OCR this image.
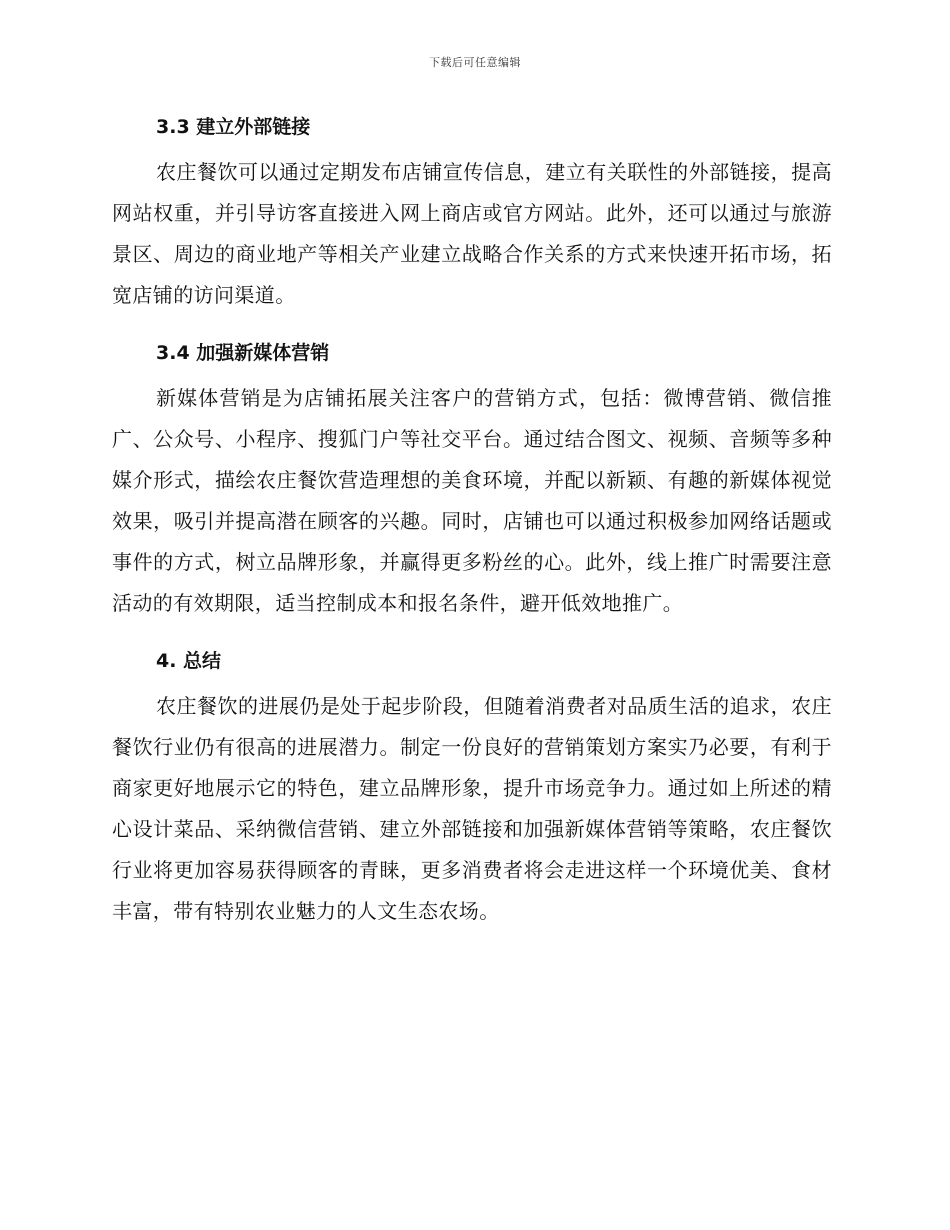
下载后可任意编辑
3.3 建立外部链接

农庄餐饮可以通过定期发布店铺宣传信息，建立有关联性的外部链接，提高网站权重，并引导访客直接进入网上商店或官方网站。此外，还可以通过与旅游景区、周边的商业地产等相关产业建立战略合作关系的方式来快速开拓市场，拓宽店铺的访问渠道。

3.4 加强新媒体营销

新媒体营销是为店铺拓展关注客户的营销方式，包括：微博营销、微信推广、公众号、小程序、搜狐门户等社交平台。通过结合图文、视频、音频等多种媒介形式，描绘农庄餐饮营造理想的美食环境，并配以新颖、有趣的新媒体视觉效果，吸引并提高潜在顾客的兴趣。同时，店铺也可以通过积极参加网络话题或事件的方式，树立品牌形象，并赢得更多粉丝的心。此外，线上推广时需要注意活动的有效期限，适当控制成本和报名条件，避开低效地推广。

4. 总结

农庄餐饮的进展仍是处于起步阶段，但随着消费者对品质生活的追求，农庄餐饮行业仍有很高的进展潜力。制定一份良好的营销策划方案实乃必要，有利于商家更好地展示它的特色，建立品牌形象，提升市场竞争力。通过如上所述的精心设计菜品、采纳微信营销、建立外部链接和加强新媒体营销等策略，农庄餐饮行业将更加容易获得顾客的青睐，更多消费者将会走进这样一个环境优美、食材丰富，带有特别农业魅力的人文生态农场。
